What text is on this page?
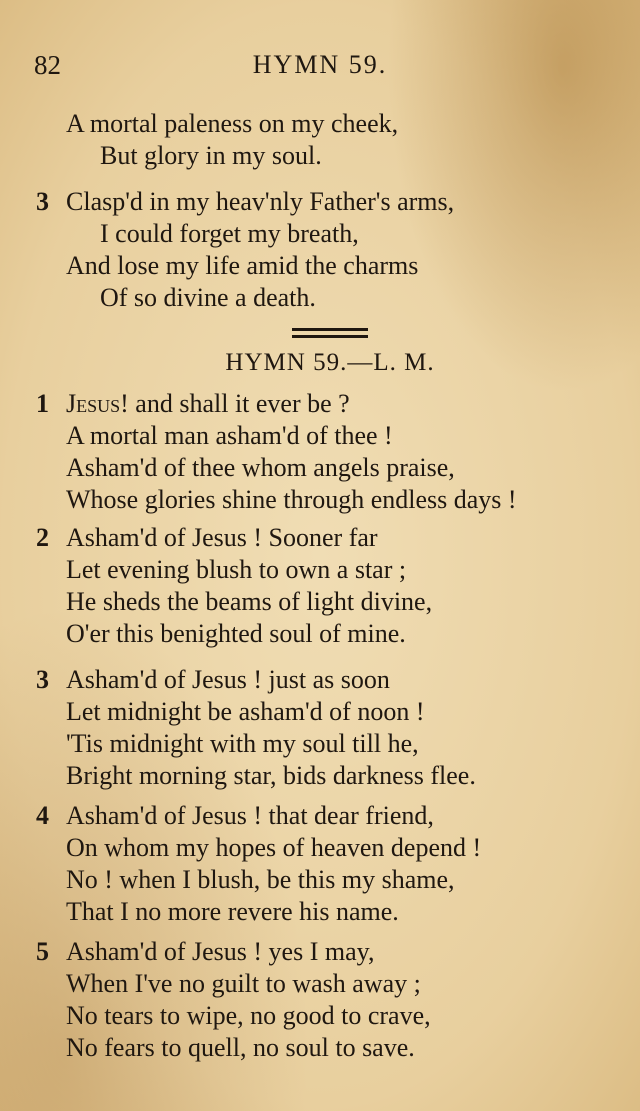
82	HYMN 59.
A mortal paleness on my cheek,
But glory in my soul.
3 Clasp'd in my heav'nly Father's arms,
I could forget my breath,
And lose my life amid the charms
Of so divine a death.
HYMN 59.—L. M.
1 Jesus! and shall it ever be ?
A mortal man asham'd of thee !
Asham'd of thee whom angels praise,
Whose glories shine through endless days !
2 Asham'd of Jesus ! Sooner far
Let evening blush to own a star ;
He sheds the beams of light divine,
O'er this benighted soul of mine.
3 Asham'd of Jesus ! just as soon
Let midnight be asham'd of noon !
'Tis midnight with my soul till he,
Bright morning star, bids darkness flee.
4 Asham'd of Jesus ! that dear friend,
On whom my hopes of heaven depend !
No ! when I blush, be this my shame,
That I no more revere his name.
5 Asham'd of Jesus ! yes I may,
When I've no guilt to wash away ;
No tears to wipe, no good to crave,
No fears to quell, no soul to save.
